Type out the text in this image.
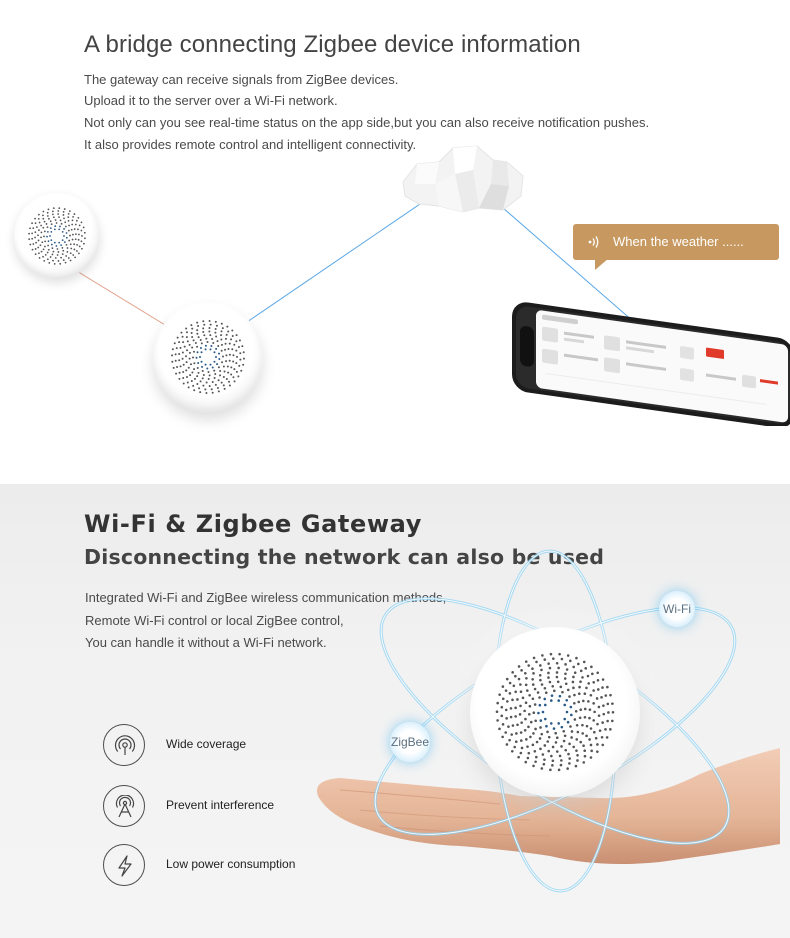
A bridge connecting Zigbee device information

The gateway can receive signals from ZigBee devices.

Upload it to the server over a Wi-Fi network.

Not only can you see real-time status on the app side,but you can also receive notification pushes.

It also provides remote control and intelligent connectivity.

When the weather ......
Wi-Fi & Zigbee Gateway
Disconnecting the network can also be used

Integrated Wi-Fi and ZigBee wireless communication methods,

Remote Wi-Fi control or local ZigBee control,

You can handle it without a Wi-Fi network.

Wi-Fi
ZigBee
Wide coverage
Prevent interference
Low power consumption
